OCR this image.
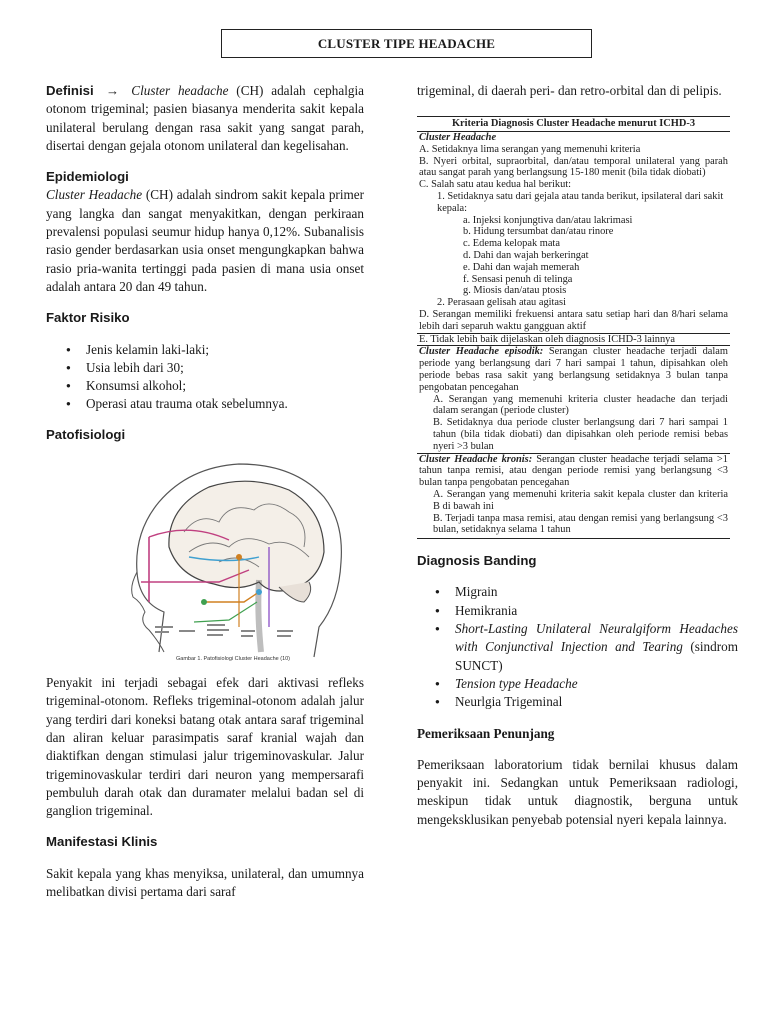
CLUSTER TIPE HEADACHE

Definisi → Cluster headache (CH) adalah cephalgia otonom trigeminal; pasien biasanya menderita sakit kepala unilateral berulang dengan rasa sakit yang sangat parah, disertai dengan gejala otonom unilateral dan kegelisahan.

Epidemiologi

Cluster Headache (CH) adalah sindrom sakit kepala primer yang langka dan sangat menyakitkan, dengan perkiraan prevalensi populasi seumur hidup hanya 0,12%. Subanalisis rasio gender berdasarkan usia onset mengungkapkan bahwa rasio pria-wanita tertinggi pada pasien di mana usia onset adalah antara 20 dan 49 tahun.

Faktor Risiko
● Jenis kelamin laki-laki;
● Usia lebih dari 30;
● Konsumsi alkohol;
● Operasi atau trauma otak sebelumnya.
Patofisiologi
Gambar 1. Patofisiologi Cluster Headache (10)

Penyakit ini terjadi sebagai efek dari aktivasi refleks trigeminal-otonom. Refleks trigeminal-otonom adalah jalur yang terdiri dari koneksi batang otak antara saraf trigeminal dan aliran keluar parasimpatis saraf kranial wajah dan diaktifkan dengan stimulasi jalur trigeminovaskular. Jalur trigeminovaskular terdiri dari neuron yang mempersarafi pembuluh darah otak dan duramater melalui badan sel di ganglion trigeminal.

Manifestasi Klinis

Sakit kepala yang khas menyiksa, unilateral, dan umumnya melibatkan divisi pertama dari saraf

trigeminal, di daerah peri- dan retro-orbital dan di pelipis.

Kriteria Diagnosis Cluster Headache menurut ICHD-3
Cluster Headache
A. Setidaknya lima serangan yang memenuhi kriteria
B. Nyeri orbital, supraorbital, dan/atau temporal unilateral yang parah atau sangat parah yang berlangsung 15-180 menit (bila tidak diobati)
C. Salah satu atau kedua hal berikut:
1. Setidaknya satu dari gejala atau tanda berikut, ipsilateral dari sakit kepala:
a. Injeksi konjungtiva dan/atau lakrimasi
b. Hidung tersumbat dan/atau rinore
c. Edema kelopak mata
d. Dahi dan wajah berkeringat
e. Dahi dan wajah memerah
f. Sensasi penuh di telinga
g. Miosis dan/atau ptosis
2. Perasaan gelisah atau agitasi
D. Serangan memiliki frekuensi antara satu setiap hari dan 8/hari selama lebih dari separuh waktu gangguan aktif
E. Tidak lebih baik dijelaskan oleh diagnosis ICHD-3 lainnya
Cluster Headache episodik: Serangan cluster headache terjadi dalam periode yang berlangsung dari 7 hari sampai 1 tahun, dipisahkan oleh periode bebas rasa sakit yang berlangsung setidaknya 3 bulan tanpa pengobatan pencegahan
A. Serangan yang memenuhi kriteria cluster headache dan terjadi dalam serangan (periode cluster)
B. Setidaknya dua periode cluster berlangsung dari 7 hari sampai 1 tahun (bila tidak diobati) dan dipisahkan oleh periode remisi bebas nyeri >3 bulan
Cluster Headache kronis: Serangan cluster headache terjadi selama >1 tahun tanpa remisi, atau dengan periode remisi yang berlangsung <3 bulan tanpa pengobatan pencegahan
A. Serangan yang memenuhi kriteria sakit kepala cluster dan kriteria B di bawah ini
B. Terjadi tanpa masa remisi, atau dengan remisi yang berlangsung <3 bulan, setidaknya selama 1 tahun
Diagnosis Banding
● Migrain
● Hemikrania
● Short-Lasting Unilateral Neuralgiform Headaches with Conjunctival Injection and Tearing (sindrom SUNCT)
● Tension type Headache
● Neurlgia Trigeminal
Pemeriksaan Penunjang

Pemeriksaan laboratorium tidak bernilai khusus dalam penyakit ini. Sedangkan untuk Pemeriksaan radiologi, meskipun tidak untuk diagnostik, berguna untuk mengeksklusikan penyebab potensial nyeri kepala lainnya.
